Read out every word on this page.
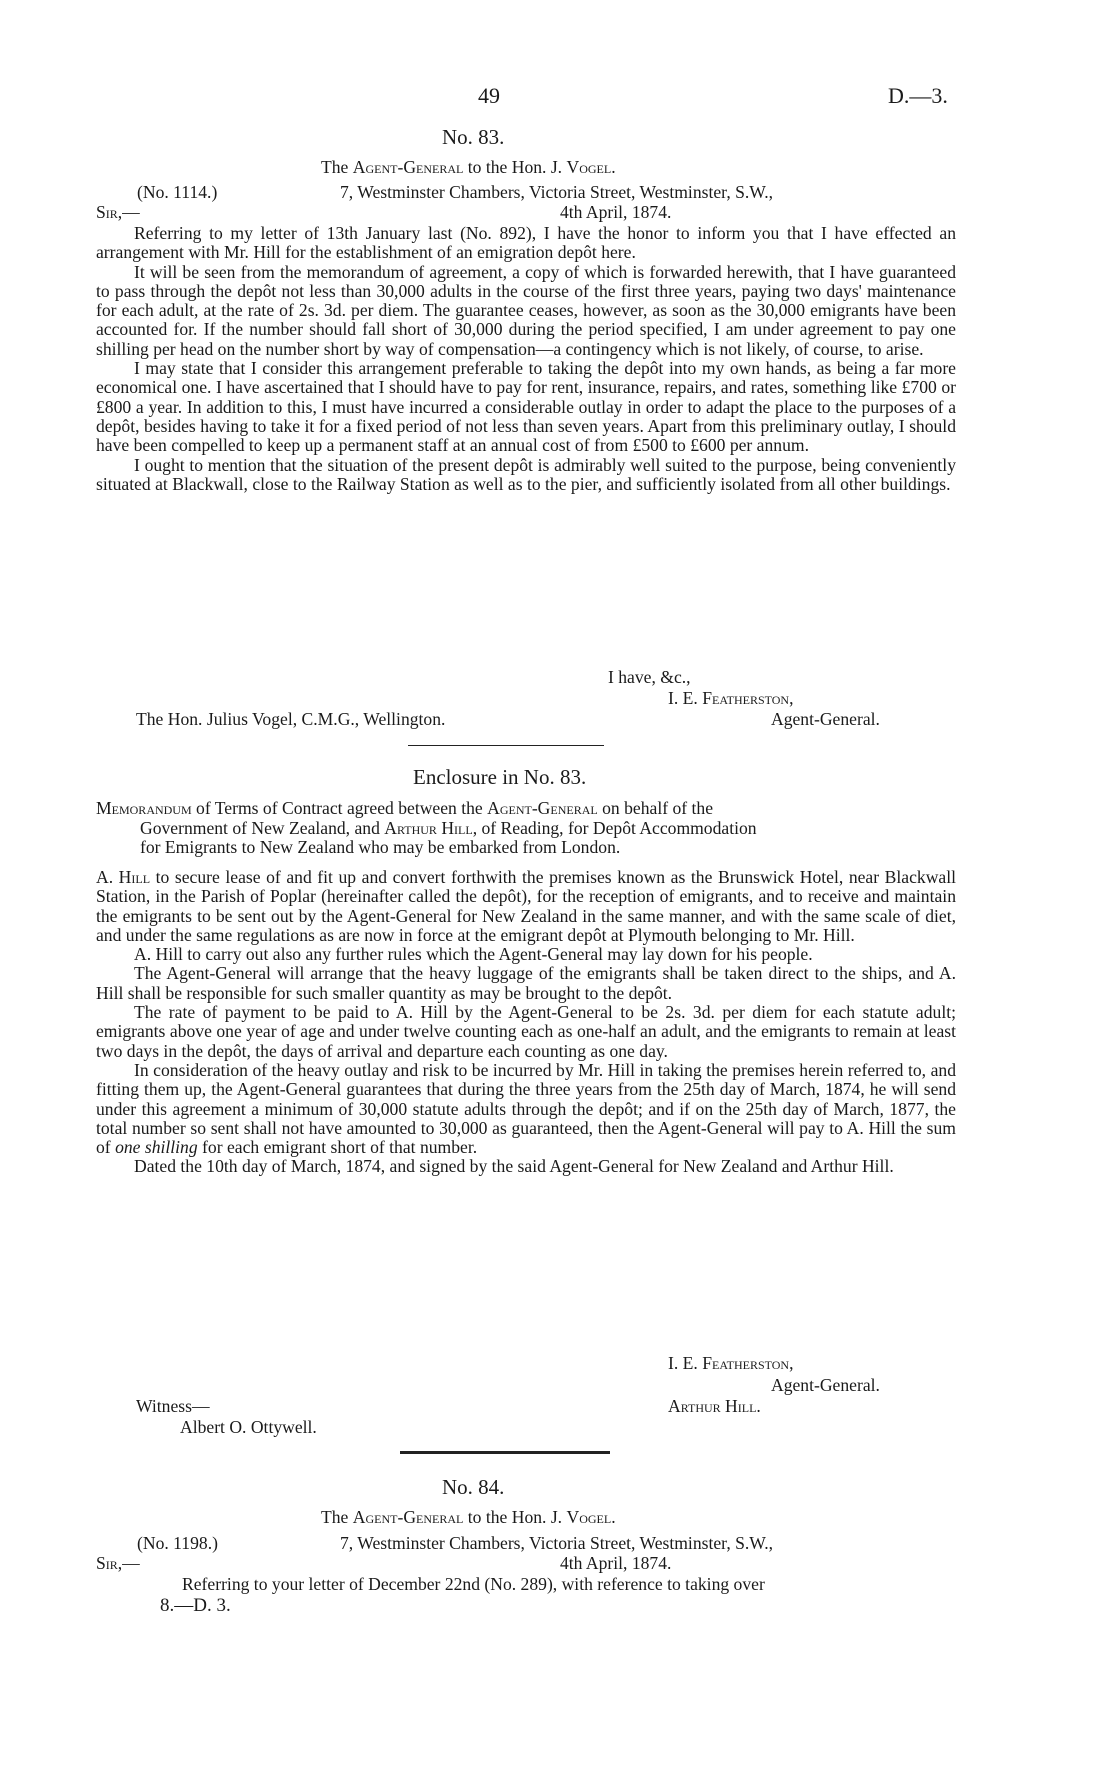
49	D.—3.
No. 83.
The Agent-General to the Hon. J. Vogel.
(No. 1114.)	7, Westminster Chambers, Victoria Street, Westminster, S.W.,
4th April, 1874.
Sir,—

Referring to my letter of 13th January last (No. 892), I have the honor to inform you that I have effected an arrangement with Mr. Hill for the establishment of an emigration depôt here.

It will be seen from the memorandum of agreement, a copy of which is forwarded herewith, that I have guaranteed to pass through the depôt not less than 30,000 adults in the course of the first three years, paying two days' maintenance for each adult, at the rate of 2s. 3d. per diem. The guarantee ceases, however, as soon as the 30,000 emigrants have been accounted for. If the number should fall short of 30,000 during the period specified, I am under agreement to pay one shilling per head on the number short by way of compensation—a contingency which is not likely, of course, to arise.

I may state that I consider this arrangement preferable to taking the depôt into my own hands, as being a far more economical one. I have ascertained that I should have to pay for rent, insurance, repairs, and rates, something like £700 or £800 a year. In addition to this, I must have incurred a considerable outlay in order to adapt the place to the purposes of a depôt, besides having to take it for a fixed period of not less than seven years. Apart from this preliminary outlay, I should have been compelled to keep up a permanent staff at an annual cost of from £500 to £600 per annum.

I ought to mention that the situation of the present depôt is admirably well suited to the purpose, being conveniently situated at Blackwall, close to the Railway Station as well as to the pier, and sufficiently isolated from all other buildings.

I have, &c.,
I. E. Featherston,
Agent-General.
The Hon. Julius Vogel, C.M.G., Wellington.
Enclosure in No. 83.
Memorandum of Terms of Contract agreed between the Agent-General on behalf of the
Government of New Zealand, and Arthur Hill, of Reading, for Depôt Accommodation
for Emigrants to New Zealand who may be embarked from London.

A. Hill to secure lease of and fit up and convert forthwith the premises known as the Brunswick Hotel, near Blackwall Station, in the Parish of Poplar (hereinafter called the depôt), for the reception of emigrants, and to receive and maintain the emigrants to be sent out by the Agent-General for New Zealand in the same manner, and with the same scale of diet, and under the same regulations as are now in force at the emigrant depôt at Plymouth belonging to Mr. Hill.

A. Hill to carry out also any further rules which the Agent-General may lay down for his people.

The Agent-General will arrange that the heavy luggage of the emigrants shall be taken direct to the ships, and A. Hill shall be responsible for such smaller quantity as may be brought to the depôt.

The rate of payment to be paid to A. Hill by the Agent-General to be 2s. 3d. per diem for each statute adult; emigrants above one year of age and under twelve counting each as one-half an adult, and the emigrants to remain at least two days in the depôt, the days of arrival and departure each counting as one day.

In consideration of the heavy outlay and risk to be incurred by Mr. Hill in taking the premises herein referred to, and fitting them up, the Agent-General guarantees that during the three years from the 25th day of March, 1874, he will send under this agreement a minimum of 30,000 statute adults through the depôt; and if on the 25th day of March, 1877, the total number so sent shall not have amounted to 30,000 as guaranteed, then the Agent-General will pay to A. Hill the sum of one shilling for each emigrant short of that number.

Dated the 10th day of March, 1874, and signed by the said Agent-General for New Zealand and Arthur Hill.

I. E. Featherston,
Agent-General.
Arthur Hill.
Witness—
Albert O. Ottywell.
No. 84.
The Agent-General to the Hon. J. Vogel.
(No. 1198.)	7, Westminster Chambers, Victoria Street, Westminster, S.W.,
4th April, 1874.
Sir,—
Referring to your letter of December 22nd (No. 289), with reference to taking over
8.—D. 3.
